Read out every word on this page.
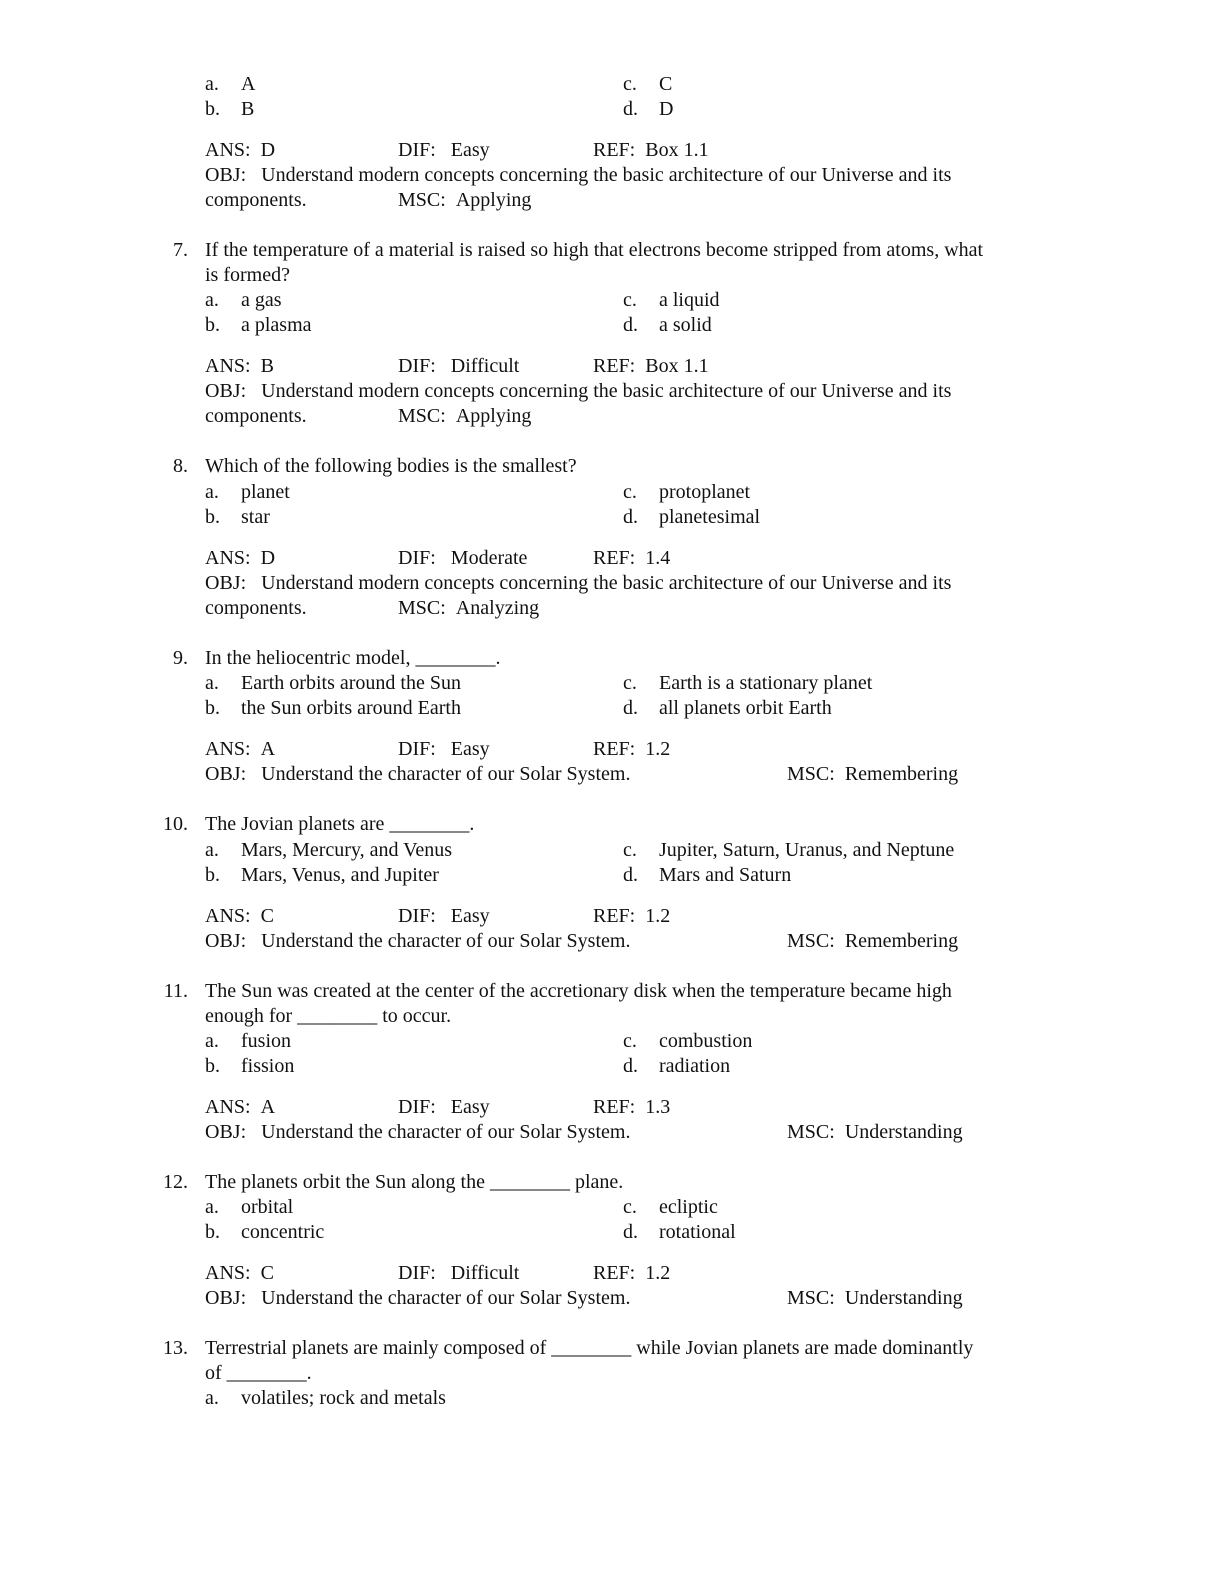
a. A
b. B
c. C
d. D
ANS: D	DIF: Easy	REF: Box 1.1
OBJ: Understand modern concepts concerning the basic architecture of our Universe and its
components.	MSC: Applying
7. If the temperature of a material is raised so high that electrons become stripped from atoms, what
is formed?
a. a gas
b. a plasma
c. a liquid
d. a solid
ANS: B	DIF: Difficult	REF: Box 1.1
OBJ: Understand modern concepts concerning the basic architecture of our Universe and its
components.	MSC: Applying
8. Which of the following bodies is the smallest?
a. planet
b. star
c. protoplanet
d. planetesimal
ANS: D	DIF: Moderate	REF: 1.4
OBJ: Understand modern concepts concerning the basic architecture of our Universe and its
components.	MSC: Analyzing
9. In the heliocentric model, ________.
a. Earth orbits around the Sun
b. the Sun orbits around Earth
c. Earth is a stationary planet
d. all planets orbit Earth
ANS: A	DIF: Easy	REF: 1.2
OBJ: Understand the character of our Solar System.	MSC: Remembering
10. The Jovian planets are ________.
a. Mars, Mercury, and Venus
b. Mars, Venus, and Jupiter
c. Jupiter, Saturn, Uranus, and Neptune
d. Mars and Saturn
ANS: C	DIF: Easy	REF: 1.2
OBJ: Understand the character of our Solar System.	MSC: Remembering
11. The Sun was created at the center of the accretionary disk when the temperature became high
enough for ________ to occur.
a. fusion
b. fission
c. combustion
d. radiation
ANS: A	DIF: Easy	REF: 1.3
OBJ: Understand the character of our Solar System.	MSC: Understanding
12. The planets orbit the Sun along the ________ plane.
a. orbital
b. concentric
c. ecliptic
d. rotational
ANS: C	DIF: Difficult	REF: 1.2
OBJ: Understand the character of our Solar System.	MSC: Understanding
13. Terrestrial planets are mainly composed of ________ while Jovian planets are made dominantly
of ________.
a. volatiles; rock and metals
